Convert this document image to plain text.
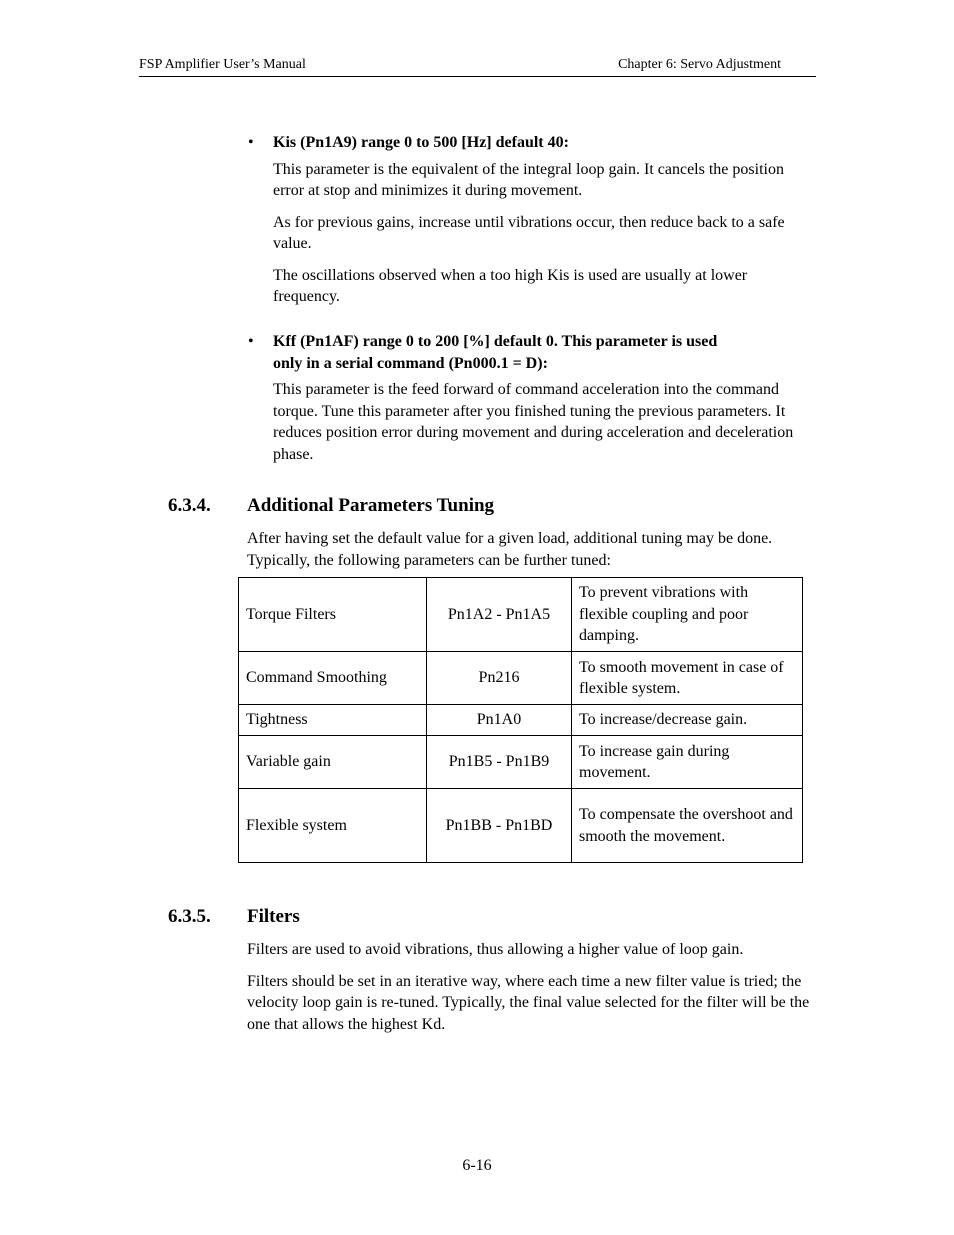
FSP Amplifier User’s Manual	Chapter 6: Servo Adjustment
• Kis (Pn1A9) range 0 to 500 [Hz] default 40:

This parameter is the equivalent of the integral loop gain. It cancels the position error at stop and minimizes it during movement.

As for previous gains, increase until vibrations occur, then reduce back to a safe value.

The oscillations observed when a too high Kis is used are usually at lower frequency.

• Kff (Pn1AF) range 0 to 200 [%] default 0. This parameter is used
only in a serial command (Pn000.1 = D):

This parameter is the feed forward of command acceleration into the command torque. Tune this parameter after you finished tuning the previous parameters. It reduces position error during movement and during acceleration and deceleration phase.

6.3.4. Additional Parameters Tuning

After having set the default value for a given load, additional tuning may be done. Typically, the following parameters can be further tuned:

Torque Filters	Pn1A2 - Pn1A5	To prevent vibrations with flexible coupling and poor damping.
Command Smoothing	Pn216	To smooth movement in case of flexible system.
Tightness	Pn1A0	To increase/decrease gain.
Variable gain	Pn1B5 - Pn1B9	To increase gain during movement.
Flexible system	Pn1BB - Pn1BD	To compensate the overshoot and smooth the movement.
6.3.5. Filters

Filters are used to avoid vibrations, thus allowing a higher value of loop gain.

Filters should be set in an iterative way, where each time a new filter value is tried; the velocity loop gain is re-tuned. Typically, the final value selected for the filter will be the one that allows the highest Kd.

6-16
